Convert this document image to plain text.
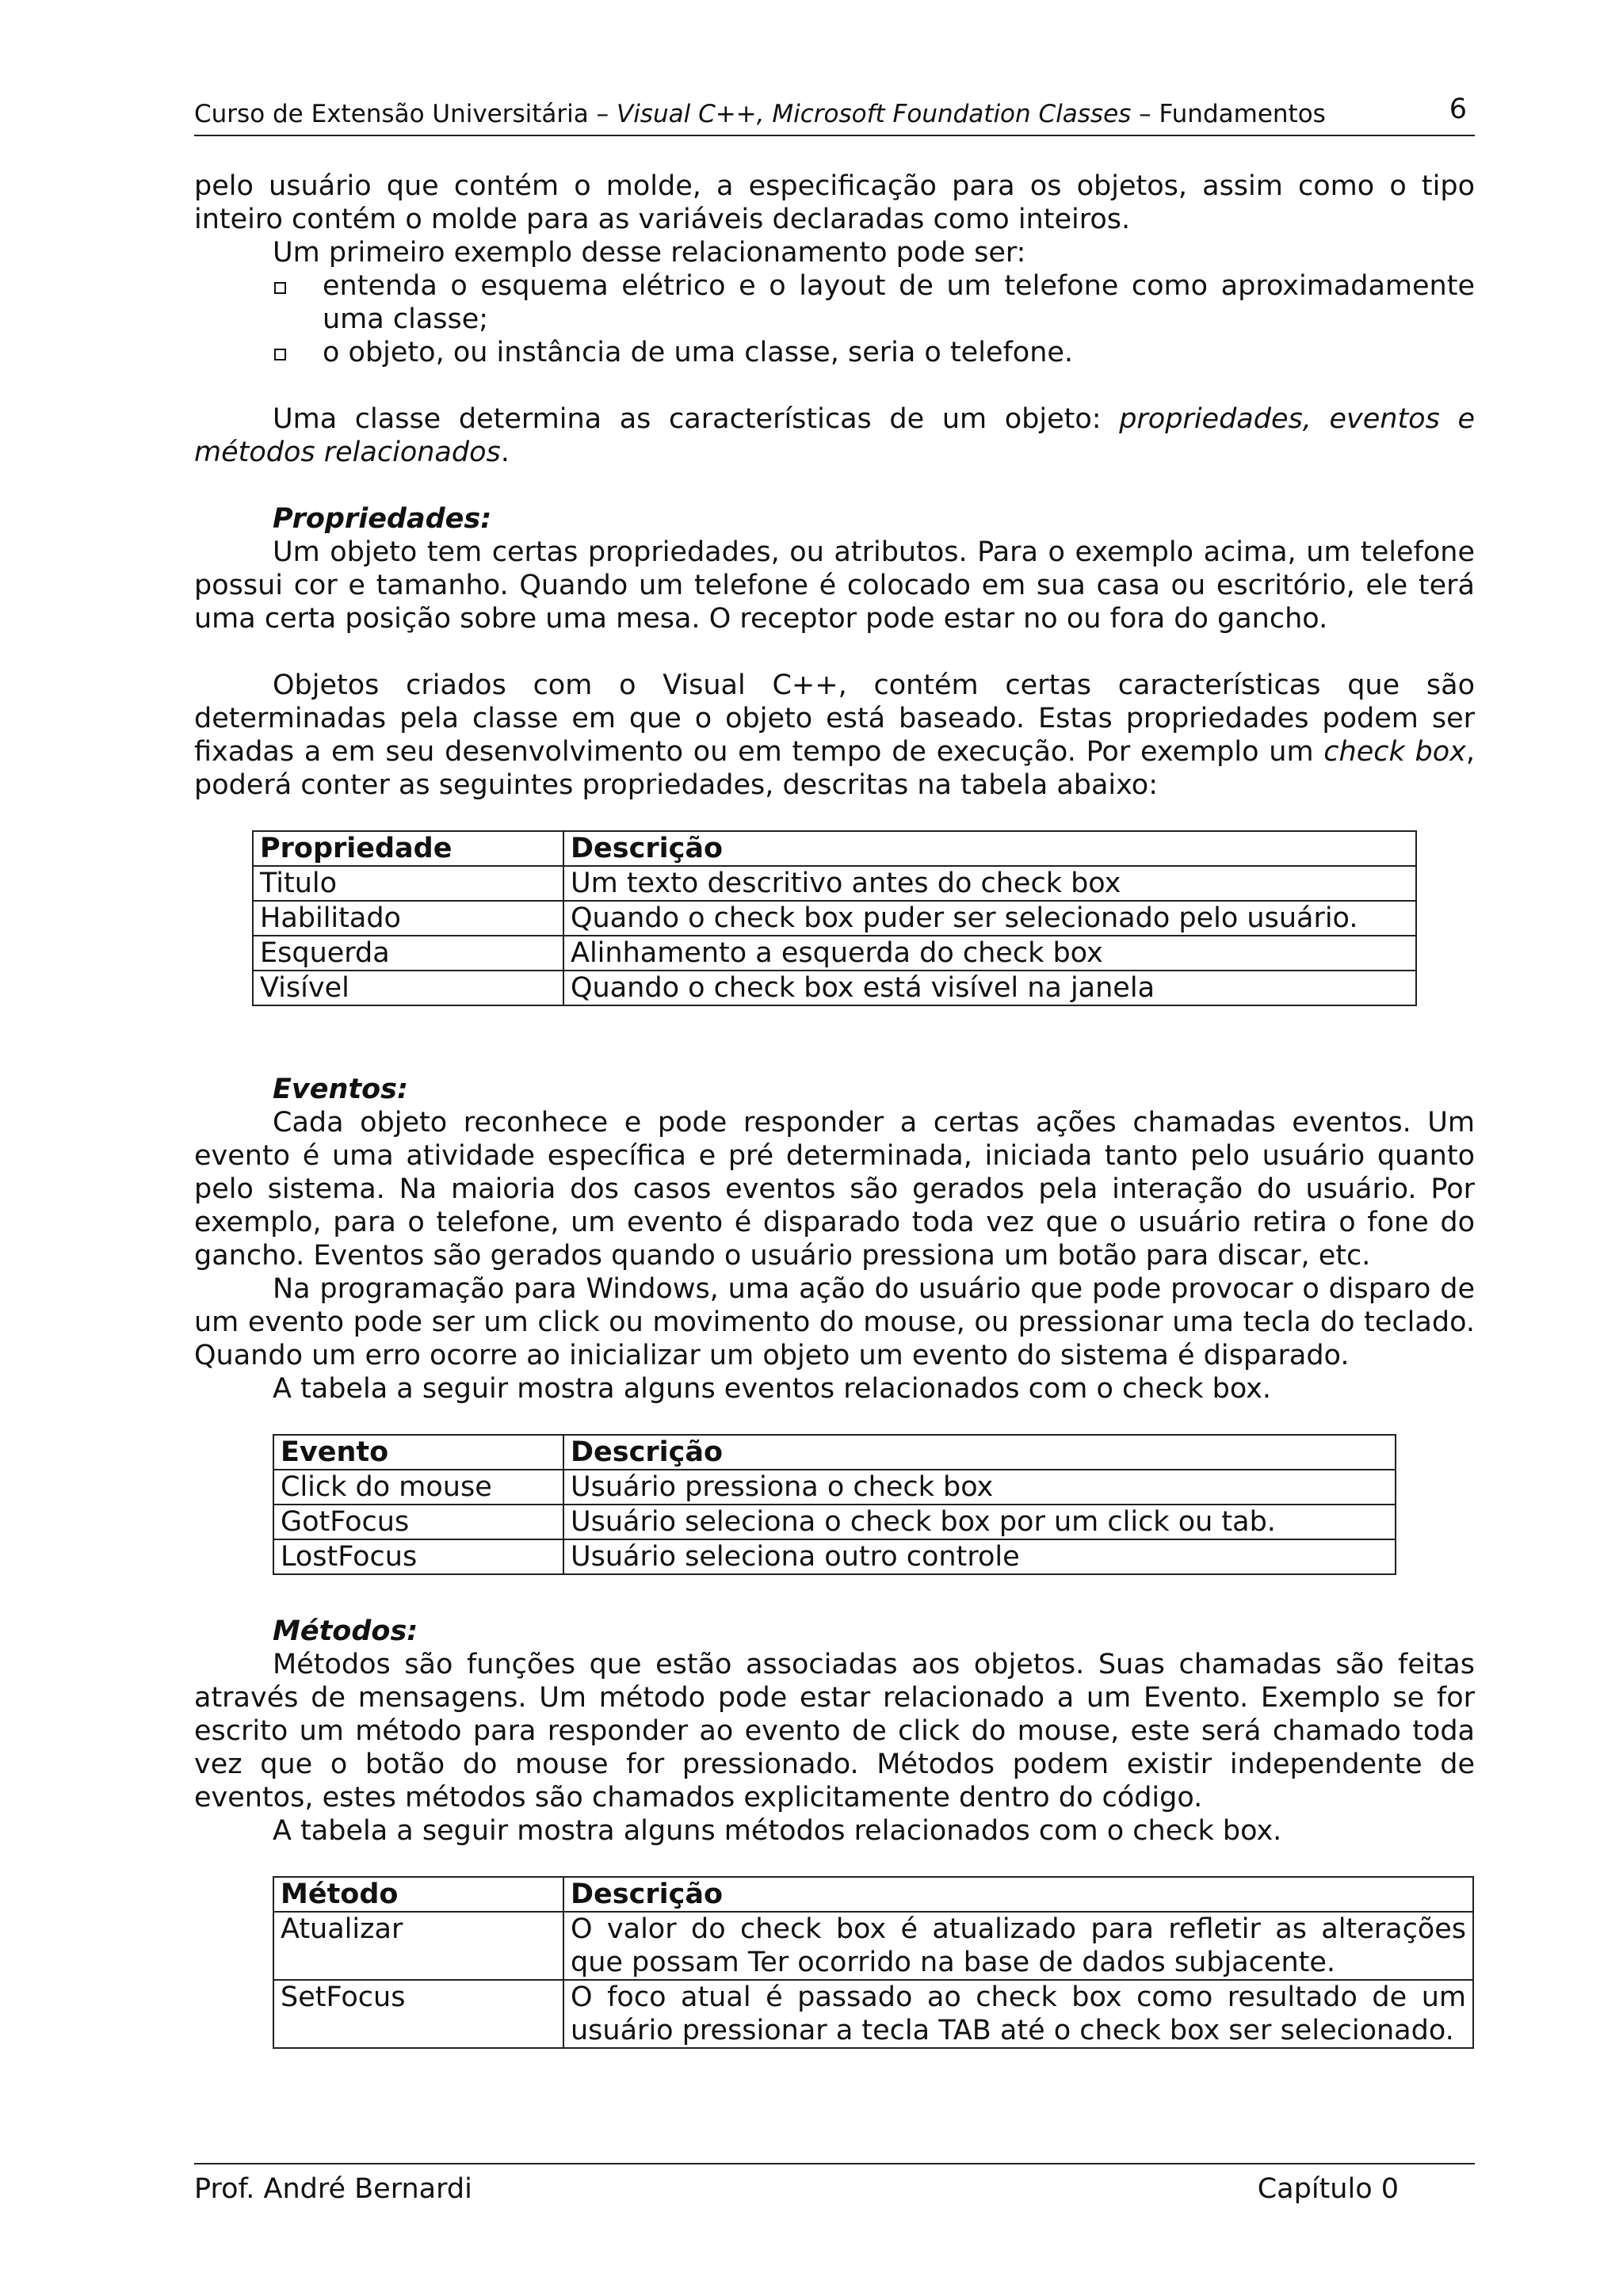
Curso de Extensão Universitária – Visual C++, Microsoft Foundation Classes – Fundamentos	6

pelo usuário que contém o molde, a especificação para os objetos, assim como o tipo inteiro contém o molde para as variáveis declaradas como inteiros.

Um primeiro exemplo desse relacionamento pode ser:

entenda o esquema elétrico e o layout de um telefone como aproximadamente uma classe;
o objeto, ou instância de uma classe, seria o telefone.

Uma classe determina as características de um objeto: propriedades, eventos e métodos relacionados.

Propriedades:

Um objeto tem certas propriedades, ou atributos. Para o exemplo acima, um telefone possui cor e tamanho. Quando um telefone é colocado em sua casa ou escritório, ele terá uma certa posição sobre uma mesa. O receptor pode estar no ou fora do gancho.

Objetos criados com o Visual C++, contém certas características que são determinadas pela classe em que o objeto está baseado. Estas propriedades podem ser fixadas a em seu desenvolvimento ou em tempo de execução. Por exemplo um check box, poderá conter as seguintes propriedades, descritas na tabela abaixo:

Propriedade	Descrição
Titulo	Um texto descritivo antes do check box
Habilitado	Quando o check box puder ser selecionado pelo usuário.
Esquerda	Alinhamento a esquerda do check box
Visível	Quando o check box está visível na janela

Eventos:

Cada objeto reconhece e pode responder a certas ações chamadas eventos. Um evento é uma atividade específica e pré determinada, iniciada tanto pelo usuário quanto pelo sistema. Na maioria dos casos eventos são gerados pela interação do usuário. Por exemplo, para o telefone, um evento é disparado toda vez que o usuário retira o fone do gancho. Eventos são gerados quando o usuário pressiona um botão para discar, etc.

Na programação para Windows, uma ação do usuário que pode provocar o disparo de um evento pode ser um click ou movimento do mouse, ou pressionar uma tecla do teclado. Quando um erro ocorre ao inicializar um objeto um evento do sistema é disparado.

A tabela a seguir mostra alguns eventos relacionados com o check box.

Evento	Descrição
Click do mouse	Usuário pressiona o check box
GotFocus	Usuário seleciona o check box por um click ou tab.
LostFocus	Usuário seleciona outro controle

Métodos:

Métodos são funções que estão associadas aos objetos. Suas chamadas são feitas através de mensagens. Um método pode estar relacionado a um Evento. Exemplo se for escrito um método para responder ao evento de click do mouse, este será chamado toda vez que o botão do mouse for pressionado. Métodos podem existir independente de eventos, estes métodos são chamados explicitamente dentro do código.

A tabela a seguir mostra alguns métodos relacionados com o check box.

Método	Descrição
Atualizar	O valor do check box é atualizado para refletir as alterações que possam Ter ocorrido na base de dados subjacente.
SetFocus	O foco atual é passado ao check box como resultado de um usuário pressionar a tecla TAB até o check box ser selecionado.
Prof. André Bernardi	Capítulo 0
